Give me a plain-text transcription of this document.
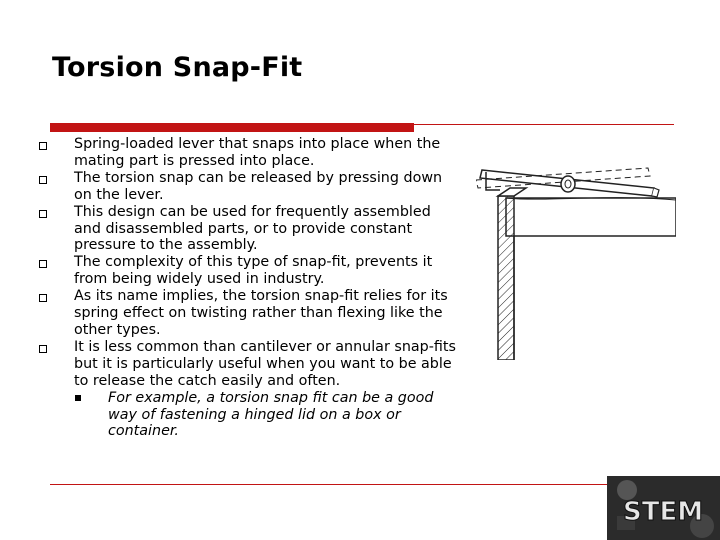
Torsion Snap-Fit
Spring-loaded lever that snaps into place when the mating part is pressed into place.
The torsion snap can be released by pressing down on the lever.
This design can be used for frequently assembled and disassembled parts, or to provide constant pressure to the assembly.
The complexity of this type of snap-fit, prevents it from being widely used in industry.
As its name implies, the torsion snap-fit relies for its spring effect on twisting rather than flexing like the other types.
It is less common than cantilever or annular snap-fits but it is particularly useful when you want to be able to release the catch easily and often.
For example, a torsion snap fit can be a good way of fastening a hinged lid on a box or container.
STEM
